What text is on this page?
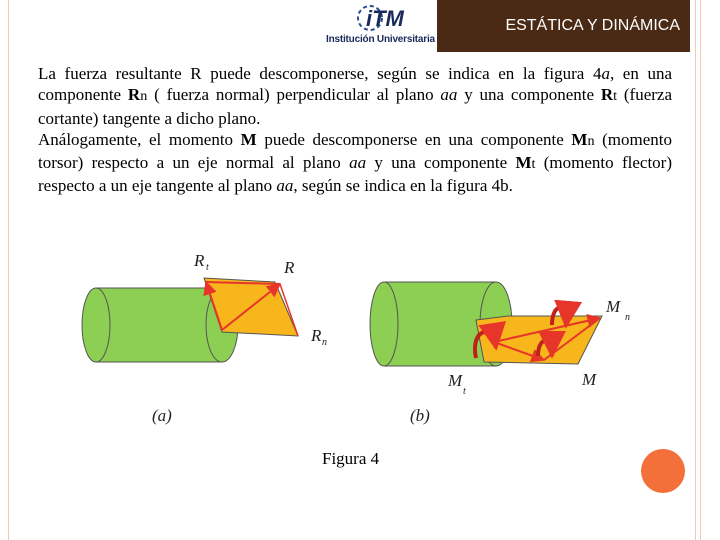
iTM
Institución Universitaria
ESTÁTICA Y DINÁMICA

La fuerza resultante R puede descomponerse, según se indica en la figura 4a, en una componente Rn ( fuerza normal) perpendicular al plano aa y una componente Rt (fuerza cortante) tangente a dicho plano.

Análogamente, el momento M puede descomponerse en una componente Mn (momento torsor) respecto a un eje normal al plano aa y una componente Mt (momento flector) respecto a un eje tangente al plano aa, según se indica en la figura 4b.

R t	R
R n
(a)
M
n
M
M
t
(b)
Figura 4
